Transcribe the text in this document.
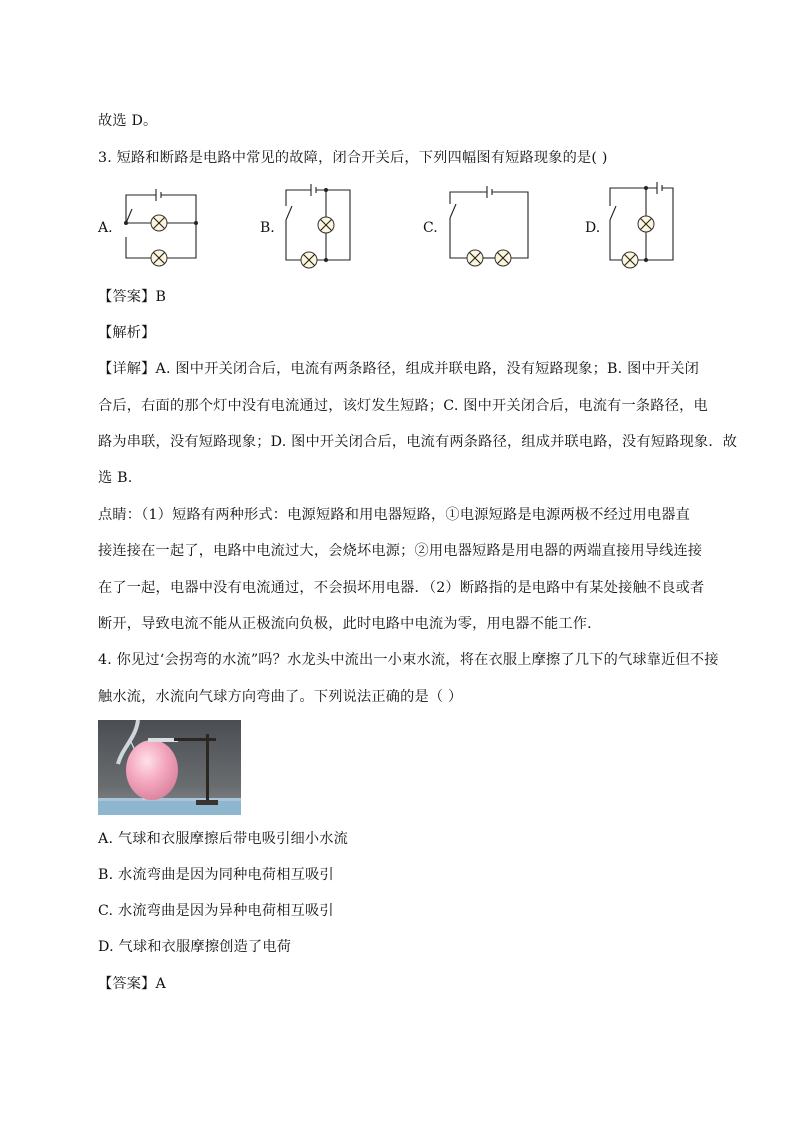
故选 D。
3. 短路和断路是电路中常见的故障，闭合开关后，下列四幅图有短路现象的是( )
A.	B.	C.	D.
【答案】B
【解析】
【详解】A. 图中开关闭合后，电流有两条路径，组成并联电路，没有短路现象；B. 图中开关闭
合后，右面的那个灯中没有电流通过，该灯发生短路；C. 图中开关闭合后，电流有一条路径，电
路为串联，没有短路现象；D. 图中开关闭合后，电流有两条路径，组成并联电路，没有短路现象．故
选 B.
点睛：（1）短路有两种形式：电源短路和用电器短路，①电源短路是电源两极不经过用电器直
接连接在一起了，电路中电流过大，会烧坏电源；②用电器短路是用电器的两端直接用导线连接
在了一起，电器中没有电流通过，不会损坏用电器．（2）断路指的是电路中有某处接触不良或者
断开，导致电流不能从正极流向负极，此时电路中电流为零，用电器不能工作．
4. 你见过‘会拐弯的水流”吗？水龙头中流出一小束水流，将在衣服上摩擦了几下的气球靠近但不接
触水流，水流向气球方向弯曲了。下列说法正确的是（ ）
A. 气球和衣服摩擦后带电吸引细小水流
B. 水流弯曲是因为同种电荷相互吸引
C. 水流弯曲是因为异种电荷相互吸引
D. 气球和衣服摩擦创造了电荷
【答案】A
